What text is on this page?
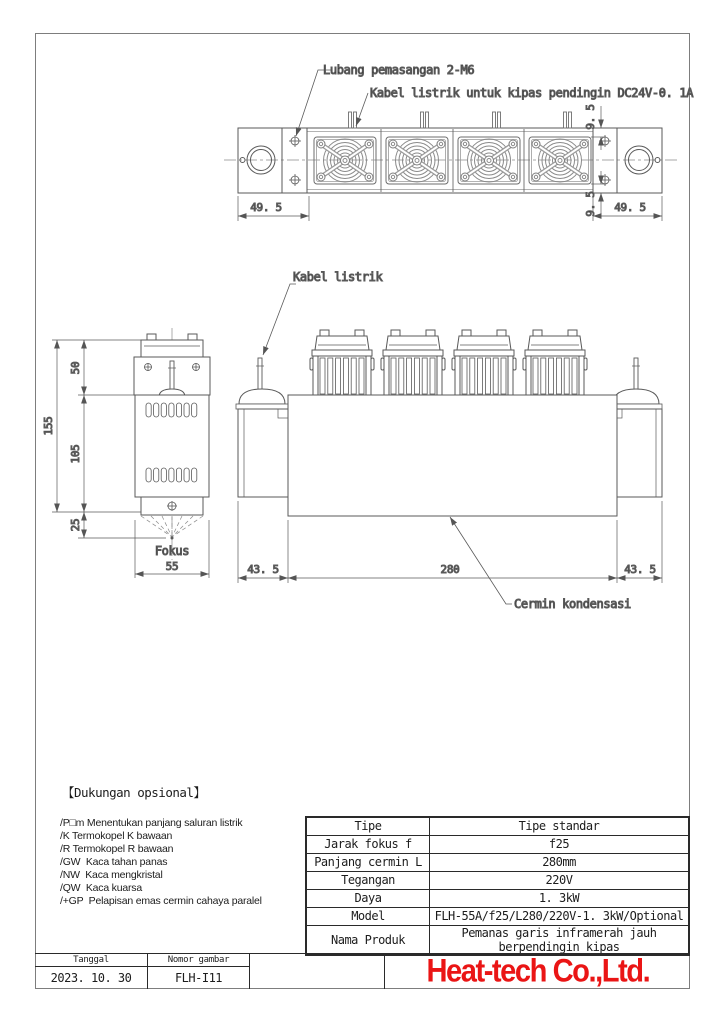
49. 5	49. 5
9. 5
9. 5
Lubang pemasangan 2-M6
Kabel listrik untuk kipas pendingin DC24V-0. 1A
Fokus
155
50
105
25
55	43. 5	280	43. 5
Kabel listrik
Cermin kondensasi
【Dukungan opsional】
/P□m Menentukan panjang saluran listrik
/K Termokopel K bawaan
/R Termokopel R bawaan
/GW  Kaca tahan panas
/NW  Kaca mengkristal
/QW  Kaca kuarsa
/+GP  Pelapisan emas cermin cahaya paralel
Tipe	Tipe standar
Jarak fokus f	f25
Panjang cermin L	280mm
Tegangan	220V
Daya	1. 3kW
Model	FLH-55A/f25/L280/220V-1. 3kW/Optional
Nama Produk	Pemanas garis inframerah jauh berpendingin kipas
Tanggal
2023. 10. 30
Nomor gambar
FLH-I11	Heat-tech Co.,Ltd.
